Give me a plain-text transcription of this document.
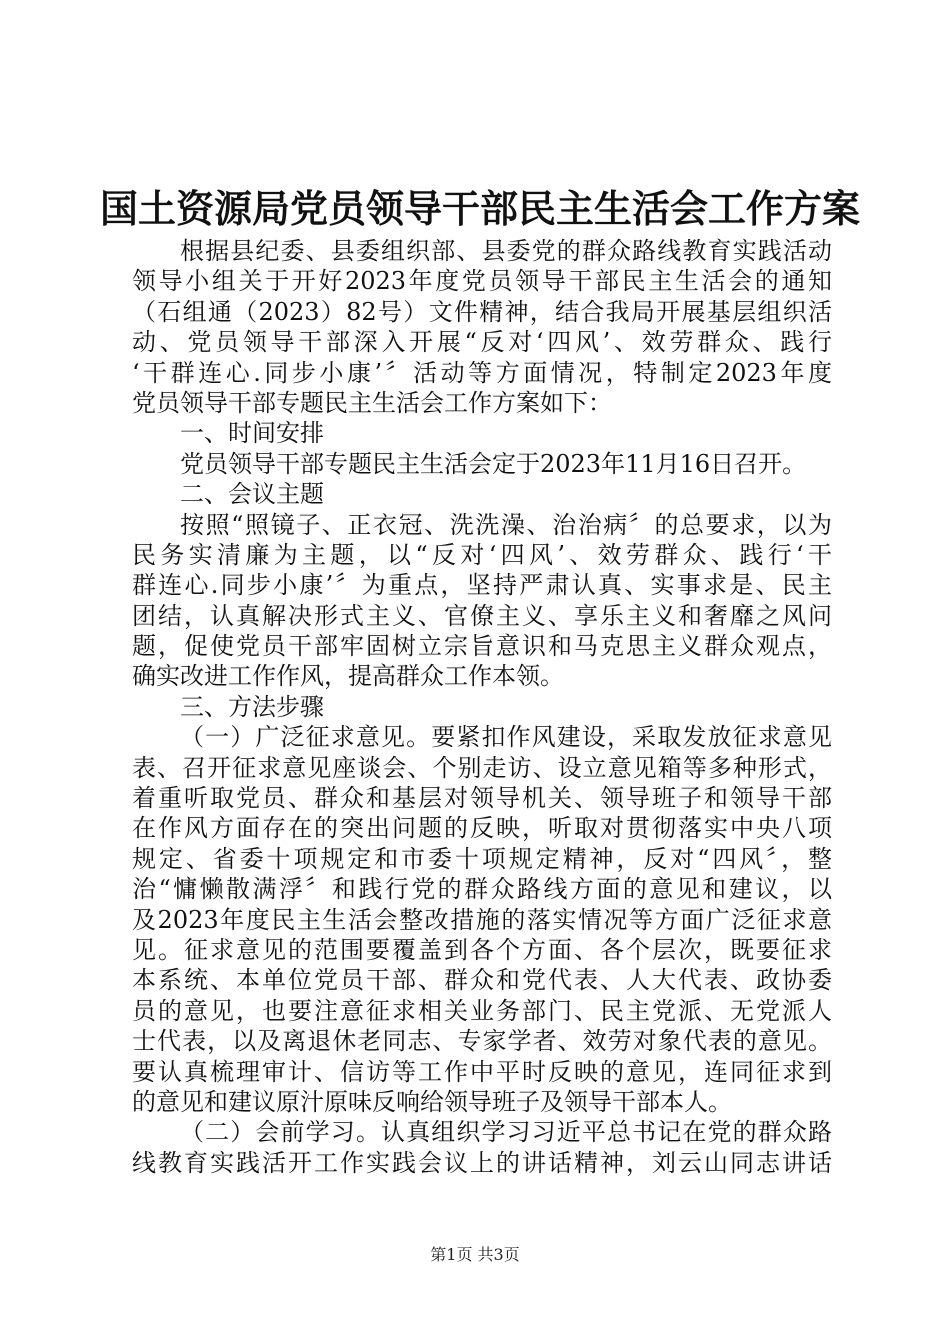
国土资源局党员领导干部民主生活会工作方案
根据县纪委、县委组织部、县委党的群众路线教育实践活动
领导小组关于开好2023年度党员领导干部民主生活会的通知
（石组通（2023）82号）文件精神，结合我局开展基层组织活
动、党员领导干部深入开展“反对‘四风’、效劳群众、践行
‘干群连心.同步小康’〞活动等方面情况，特制定2023年度
党员领导干部专题民主生活会工作方案如下：
一、时间安排
党员领导干部专题民主生活会定于2023年11月16日召开。
二、会议主题
按照“照镜子、正衣冠、洗洗澡、治治病〞的总要求，以为
民务实清廉为主题，以“反对‘四风’、效劳群众、践行‘干
群连心.同步小康’〞为重点，坚持严肃认真、实事求是、民主
团结，认真解决形式主义、官僚主义、享乐主义和奢靡之风问
题，促使党员干部牢固树立宗旨意识和马克思主义群众观点，
确实改进工作作风，提高群众工作本领。
三、方法步骤
（一）广泛征求意见。要紧扣作风建设，采取发放征求意见
表、召开征求意见座谈会、个别走访、设立意见箱等多种形式，
着重听取党员、群众和基层对领导机关、领导班子和领导干部
在作风方面存在的突出问题的反映，听取对贯彻落实中央八项
规定、省委十项规定和市委十项规定精神，反对“四风〞，整
治“慵懒散满浮〞和践行党的群众路线方面的意见和建议，以
及2023年度民主生活会整改措施的落实情况等方面广泛征求意
见。征求意见的范围要覆盖到各个方面、各个层次，既要征求
本系统、本单位党员干部、群众和党代表、人大代表、政协委
员的意见，也要注意征求相关业务部门、民主党派、无党派人
士代表，以及离退休老同志、专家学者、效劳对象代表的意见。
要认真梳理审计、信访等工作中平时反映的意见，连同征求到
的意见和建议原汁原味反响给领导班子及领导干部本人。
（二）会前学习。认真组织学习习近平总书记在党的群众路
线教育实践活开工作实践会议上的讲话精神，刘云山同志讲话
第1页 共3页
